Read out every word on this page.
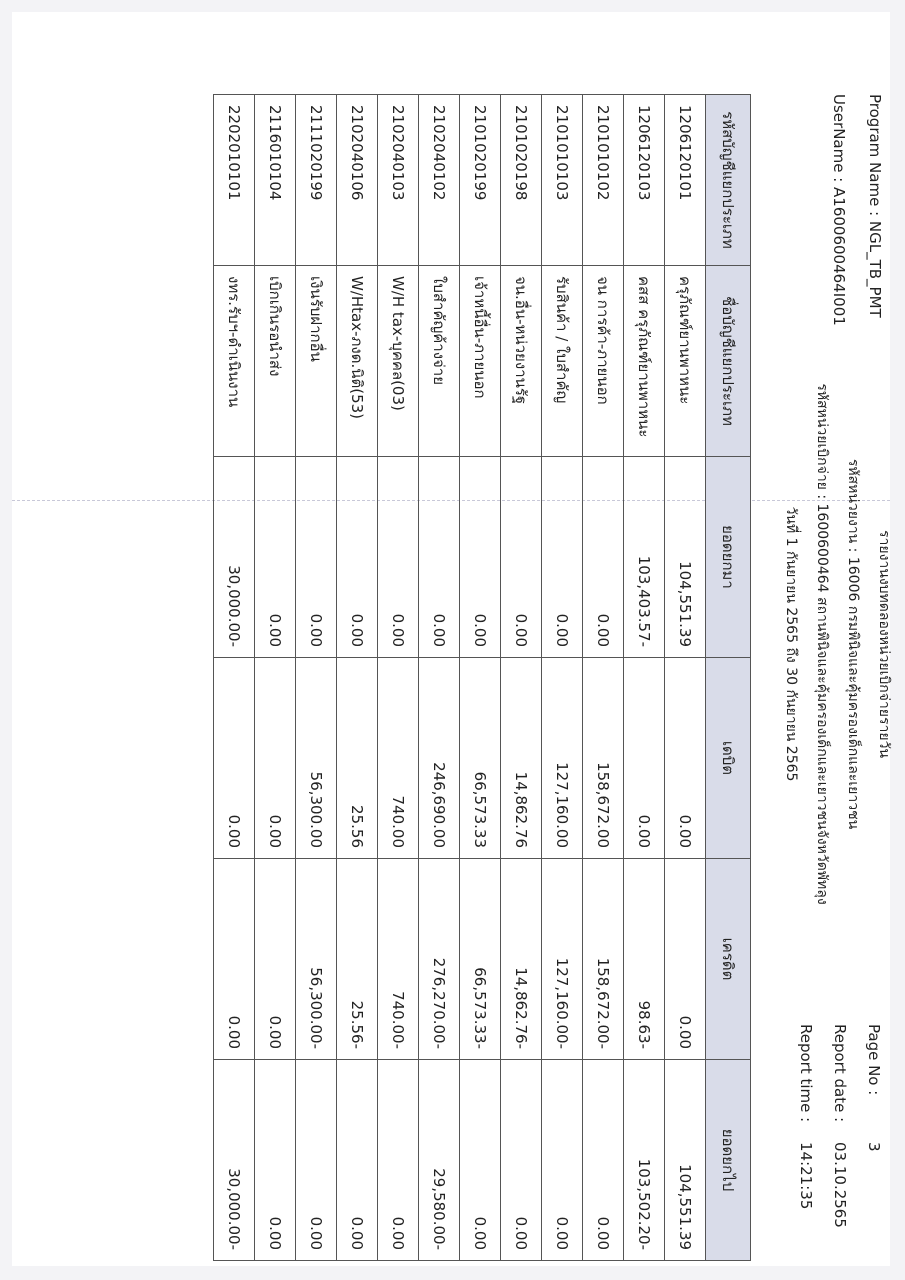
Program Name : NGL_TB_PMT
UserName : A1600600464I001
รายงานงบทดลองหน่วยเบิกจ่ายรายวัน
รหัสหน่วยงาน : 16006 กรมพินิจและคุ้มครองเด็กและเยาวชน
รหัสหน่วยเบิกจ่าย : 1600600464 สถานพินิจและคุ้มครองเด็กและเยาวชนจังหวัดพัทลุง
วันที่ 1 กันยายน 2565 ถึง 30 กันยายน 2565
Page No :
3
Report date :
03.10.2565
Report time :
14:21:35
รหัสบัญชีแยกประเภท	ชื่อบัญชีแยกประเภท	ยอดยกมา	เดบิต	เครดิต	ยอดยกไป
1206120101	ครุภัณฑ์ยานพาหนะ	104,551.39	0.00	0.00	104,551.39
1206120103	คสส ครุภัณฑ์ยานพาหนะ	103,403.57-	0.00	98.63-	103,502.20-
2101010102	จน การค้า-ภายนอก	0.00	158,672.00	158,672.00-	0.00
2101010103	รับสินค้า / ใบสำคัญ	0.00	127,160.00	127,160.00-	0.00
2101020198	จน.อื่น-หน่วยงานรัฐ	0.00	14,862.76	14,862.76-	0.00
2101020199	เจ้าหนี้อื่น-ภายนอก	0.00	66,573.33	66,573.33-	0.00
2102040102	ใบสำคัญค้างจ่าย	0.00	246,690.00	276,270.00-	29,580.00-
2102040103	W/H tax-บุคคล(03)	0.00	740.00	740.00-	0.00
2102040106	W/Htax-ภงด.นิติ(53)	0.00	25.56	25.56-	0.00
2111020199	เงินรับฝากอื่น	0.00	56,300.00	56,300.00-	0.00
2116010104	เบิกเกินรอนำส่ง	0.00	0.00	0.00	0.00
2202010101	งทร.รับฯ-ดำเนินงาน	30,000.00-	0.00	0.00	30,000.00-
